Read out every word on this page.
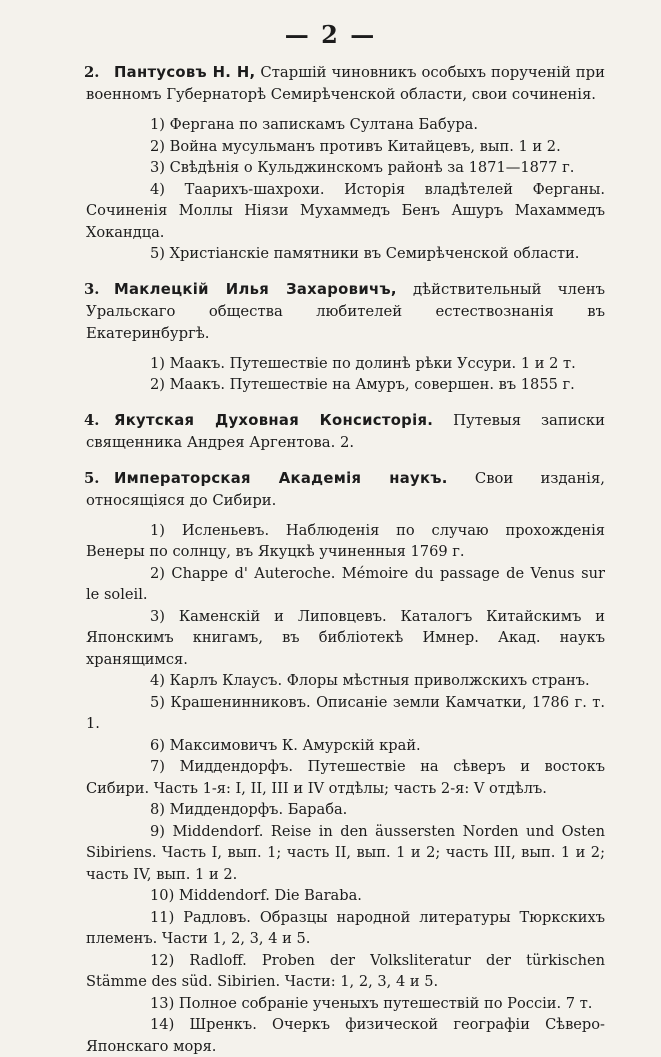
— 2 —
2. Пантусовъ Н. Н, Старшій чиновникъ особыхъ порученій при военномъ Губернаторѣ Семирѣченской области, свои сочиненія.

1) Фергана по запискамъ Султана Бабура.

2) Война мусульманъ противъ Китайцевъ, вып. 1 и 2.

3) Свѣдѣнія о Кульджинскомъ районѣ за 1871—1877 г.

4) Таарихъ-шахрохи. Исторія владѣтелей Ферганы. Сочиненія Моллы Ніязи Мухаммедъ Бенъ Ашуръ Махаммедъ Хокандца.

5) Христіанскіе памятники въ Семирѣченской области.

3. Маклецкій Илья Захаровичъ, дѣйствительный членъ Уральскаго общества любителей естествознанія въ Екатеринбургѣ.

1) Маакъ. Путешествіе по долинѣ рѣки Уссури. 1 и 2 т.

2) Маакъ. Путешествіе на Амуръ, совершен. въ 1855 г.

4. Якутская Духовная Консисторія. Путевыя записки священника Андрея Аргентова. 2.
5. Императорская Академія наукъ. Свои изданія, относящіяся до Сибири.

1) Исленьевъ. Наблюденія по случаю прохожденія Венеры по солнцу, въ Якуцкѣ учиненныя 1769 г.

2) Chappe d' Auteroche. Mémoire du passage de Venus sur le soleil.

3) Каменскій и Липовцевъ. Каталогъ Китайскимъ и Японскимъ книгамъ, въ библіотекѣ Имнер. Акад. наукъ хранящимся.

4) Карлъ Клаусъ. Флоры мѣстныя приволжскихъ странъ.

5) Крашенинниковъ. Описаніе земли Камчатки, 1786 г. т. 1.

6) Максимовичъ К. Амурскій край.

7) Миддендорфъ. Путешествіе на сѣверъ и востокъ Сибири. Часть 1-я: I, II, III и IV отдѣлы; часть 2-я: V отдѣлъ.

8) Миддендорфъ. Бараба.

9) Middendorf. Reise in den äussersten Norden und Osten Sibiriens. Часть I, вып. 1; часть II, вып. 1 и 2; часть III, вып. 1 и 2; часть IV, вып. 1 и 2.

10) Middendorf. Die Baraba.

11) Радловъ. Образцы народной литературы Тюркскихъ племенъ. Части 1, 2, 3, 4 и 5.

12) Radloff. Proben der Volksliteratur der türkischen Stämme des süd. Sibirien. Части: 1, 2, 3, 4 и 5.

13) Полное собраніе ученыхъ путешествій по Россіи. 7 т.

14) Шренкъ. Очеркъ физической географіи Сѣверо-Японскаго моря.
